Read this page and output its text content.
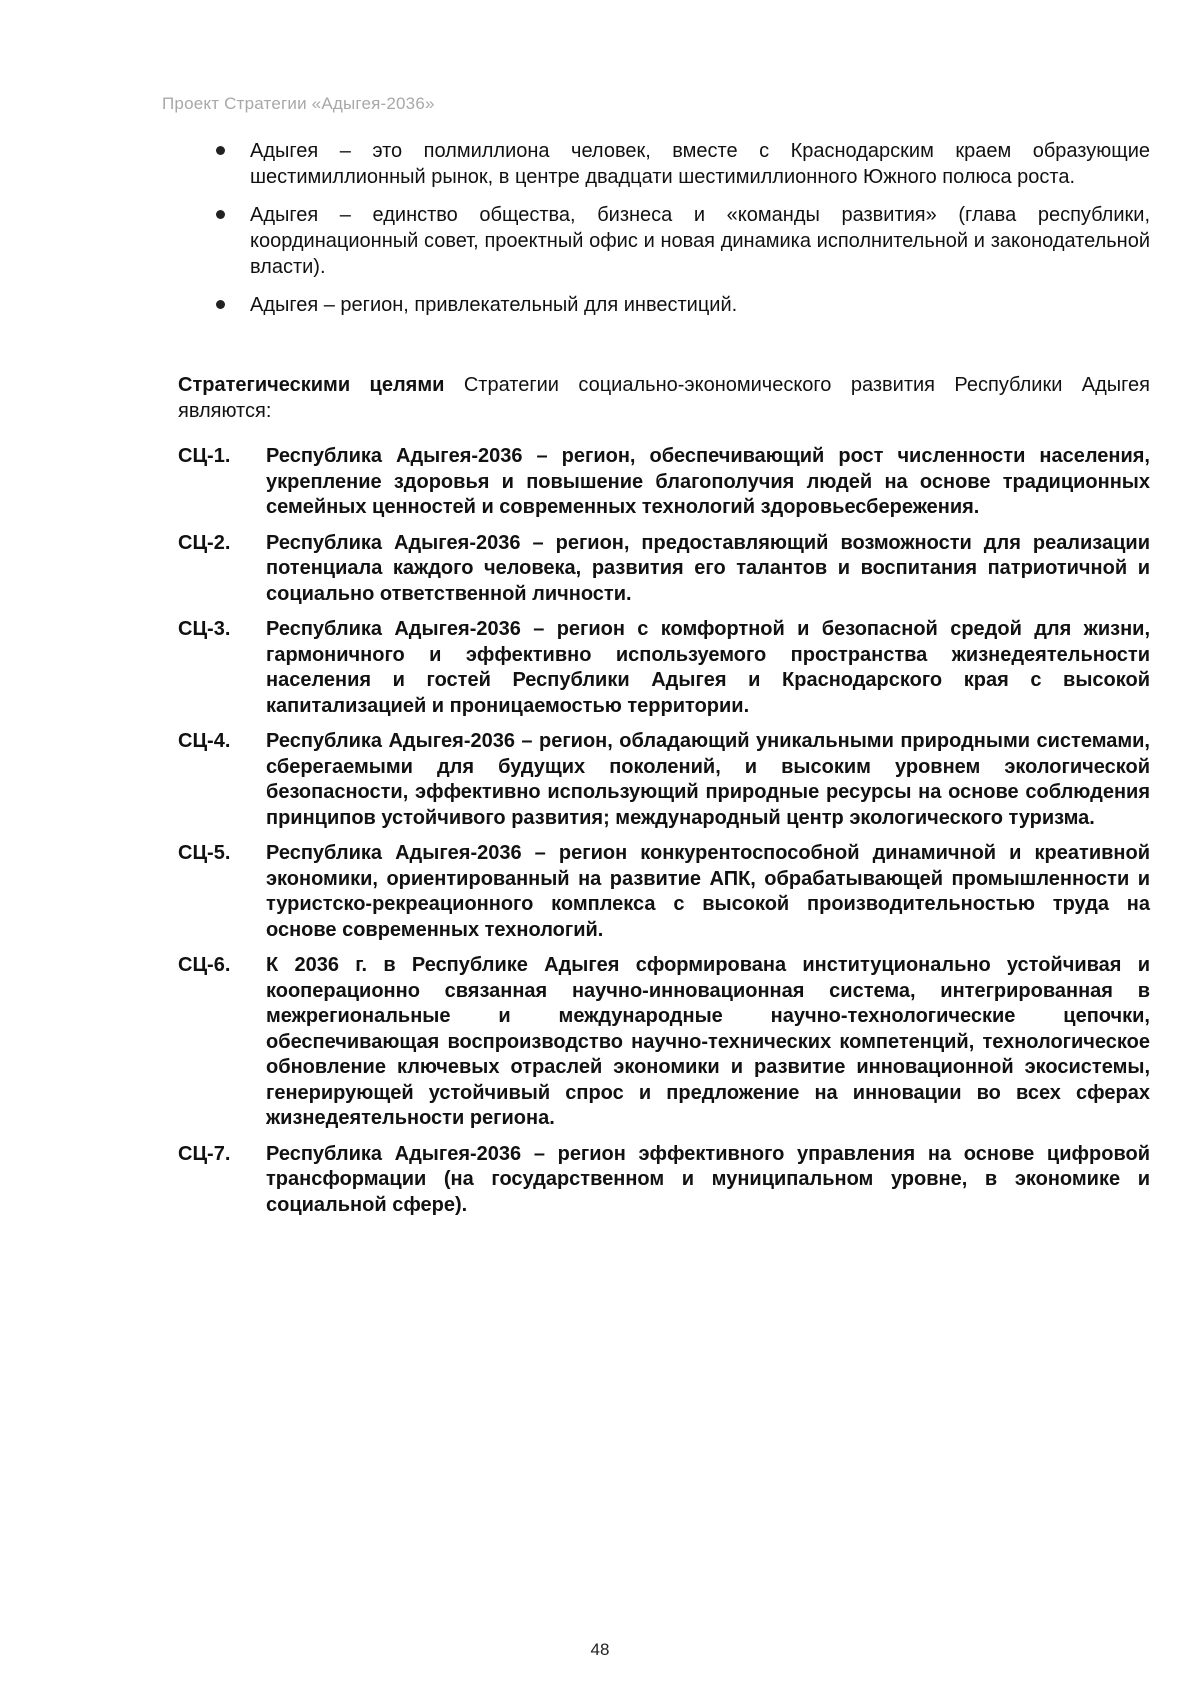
Проект Стратегии «Адыгея-2036»
Адыгея – это полмиллиона человек, вместе с Краснодарским краем образующие шестимиллионный рынок, в центре двадцати шестимиллионного Южного полюса роста.
Адыгея – единство общества, бизнеса и «команды развития» (глава республики, координационный совет, проектный офис и новая динамика исполнительной и законодательной власти).
Адыгея – регион, привлекательный для инвестиций.

Стратегическими целями Стратегии социально-экономического развития Республики Адыгея являются:

СЦ-1.	Республика Адыгея-2036 – регион, обеспечивающий рост численности населения, укрепление здоровья и повышение благополучия людей на основе традиционных семейных ценностей и современных технологий здоровьесбережения.
СЦ-2.	Республика Адыгея-2036 – регион, предоставляющий возможности для реализации потенциала каждого человека, развития его талантов и воспитания патриотичной и социально ответственной личности.
СЦ-3.	Республика Адыгея-2036 – регион с комфортной и безопасной средой для жизни, гармоничного и эффективно используемого пространства жизнедеятельности населения и гостей Республики Адыгея и Краснодарского края с высокой капитализацией и проницаемостью территории.
СЦ-4.	Республика Адыгея-2036 – регион, обладающий уникальными природными системами, сберегаемыми для будущих поколений, и высоким уровнем экологической безопасности, эффективно использующий природные ресурсы на основе соблюдения принципов устойчивого развития; международный центр экологического туризма.
СЦ-5.	Республика Адыгея-2036 – регион конкурентоспособной динамичной и креативной экономики, ориентированный на развитие АПК, обрабатывающей промышленности и туристско-рекреационного комплекса с высокой производительностью труда на основе современных технологий.
СЦ-6.	К 2036 г. в Республике Адыгея сформирована институционально устойчивая и кооперационно связанная научно-инновационная система, интегрированная в межрегиональные и международные научно-технологические цепочки, обеспечивающая воспроизводство научно-технических компетенций, технологическое обновление ключевых отраслей экономики и развитие инновационной экосистемы, генерирующей устойчивый спрос и предложение на инновации во всех сферах жизнедеятельности региона.
СЦ-7.	Республика Адыгея-2036 – регион эффективного управления на основе цифровой трансформации (на государственном и муниципальном уровне, в экономике и социальной сфере).
48
